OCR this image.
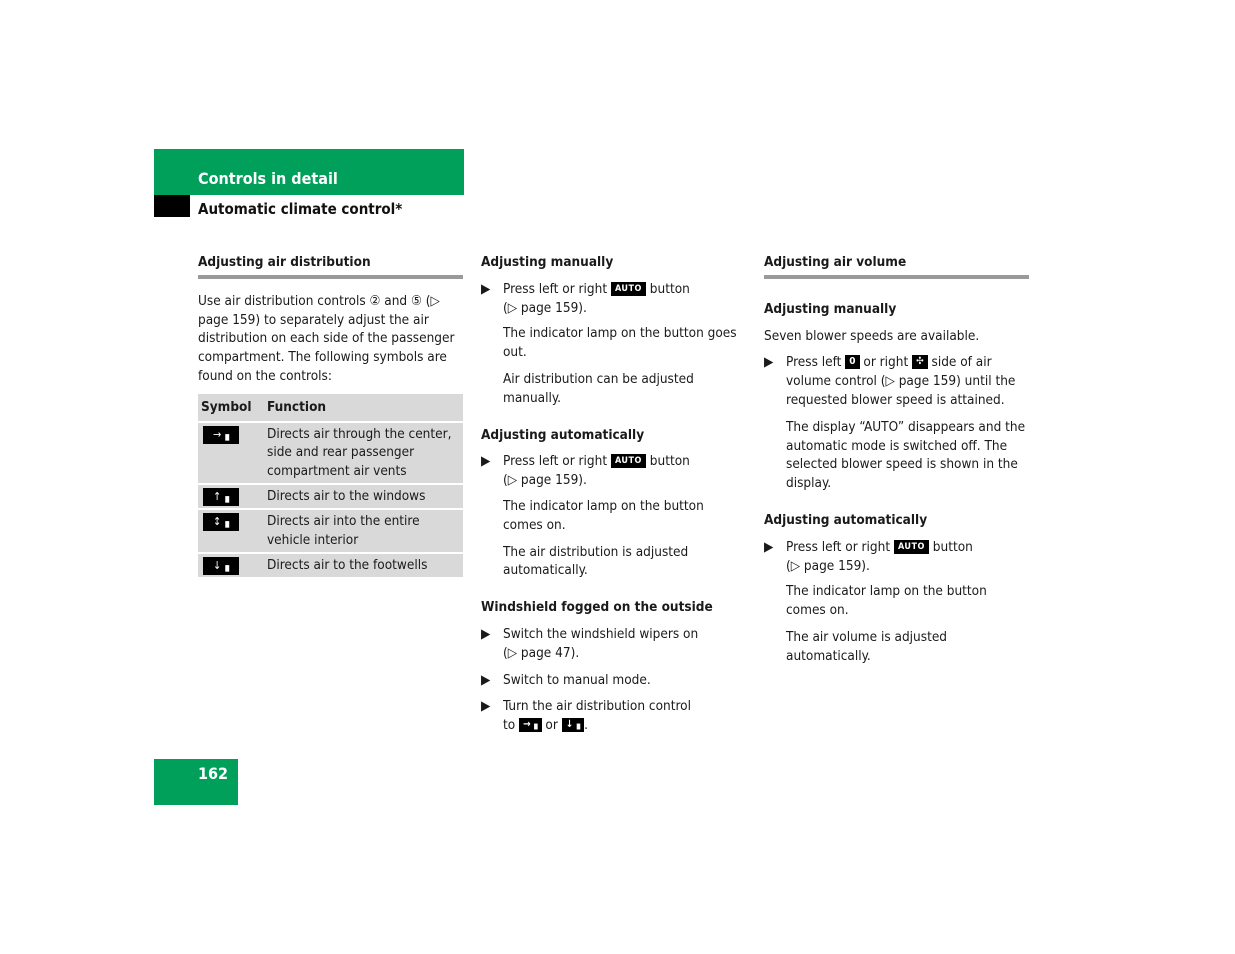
Controls in detail
Automatic climate control*
Adjusting air distribution

Use air distribution controls ② and ⑤ (▷ page 159) to separately adjust the air distribution on each side of the passenger compartment. The following symbols are found on the controls:

Symbol	Function
→▗	Directs air through the center, side and rear passenger compartment air vents
↑▗	Directs air to the windows
↕▗	Directs air into the entire vehicle interior
↓▗	Directs air to the footwells
Adjusting manually
▶ Press left or right AUTO button
(▷ page 159).

The indicator lamp on the button goes out.

Air distribution can be adjusted manually.

Adjusting automatically
▶ Press left or right AUTO button
(▷ page 159).

The indicator lamp on the button comes on.

The air distribution is adjusted automatically.

Windshield fogged on the outside
▶ Switch the windshield wipers on
(▷ page 47).
▶ Switch to manual mode.
▶ Turn the air distribution control
to →▗ or ↓▗ .
Adjusting air volume
Adjusting manually

Seven blower speeds are available.

▶ Press left 0 or right ✣ side of air volume control (▷ page 159) until the requested blower speed is attained.

The display “AUTO” disappears and the automatic mode is switched off. The selected blower speed is shown in the display.

Adjusting automatically
▶ Press left or right AUTO button
(▷ page 159).

The indicator lamp on the button comes on.

The air volume is adjusted automatically.

162
